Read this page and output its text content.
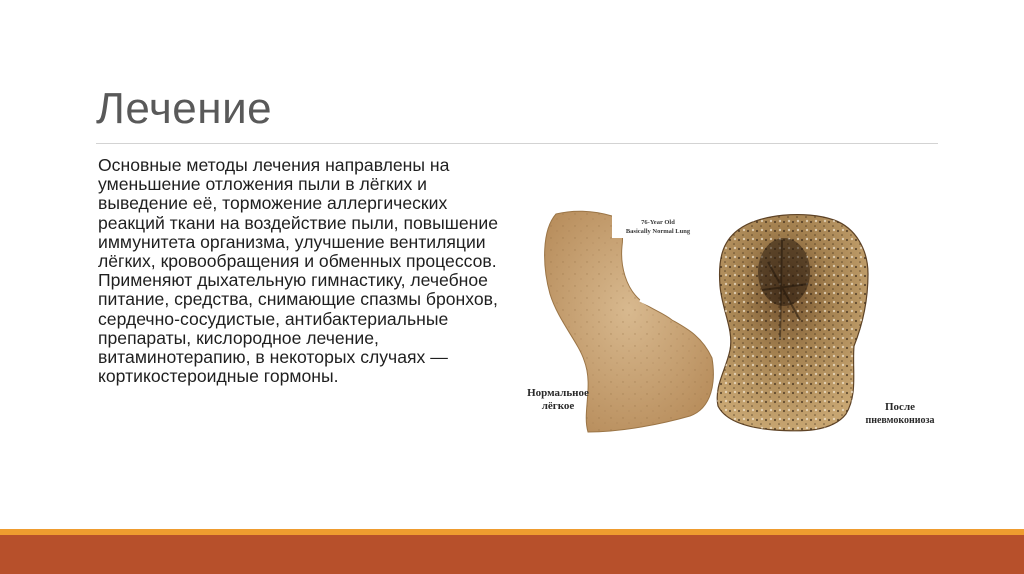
Лечение
Основные методы лечения направлены на уменьшение отложения пыли в лёгких и выведение её, торможение аллергических реакций ткани на воздействие пыли, повышение иммунитета организма, улучшение вентиляции лёгких, кровообращения и обменных процессов. Применяют дыхательную гимнастику, лечебное питание, средства, снимающие спазмы бронхов, сердечно-сосудистые, антибактериальные препараты, кислородное лечение, витаминотерапию, в некоторых случаях — кортикостероидные гормоны.
76-Year Old
Basically Normal Lung
Нормальное
лёгкое	После
пневмокониоза
